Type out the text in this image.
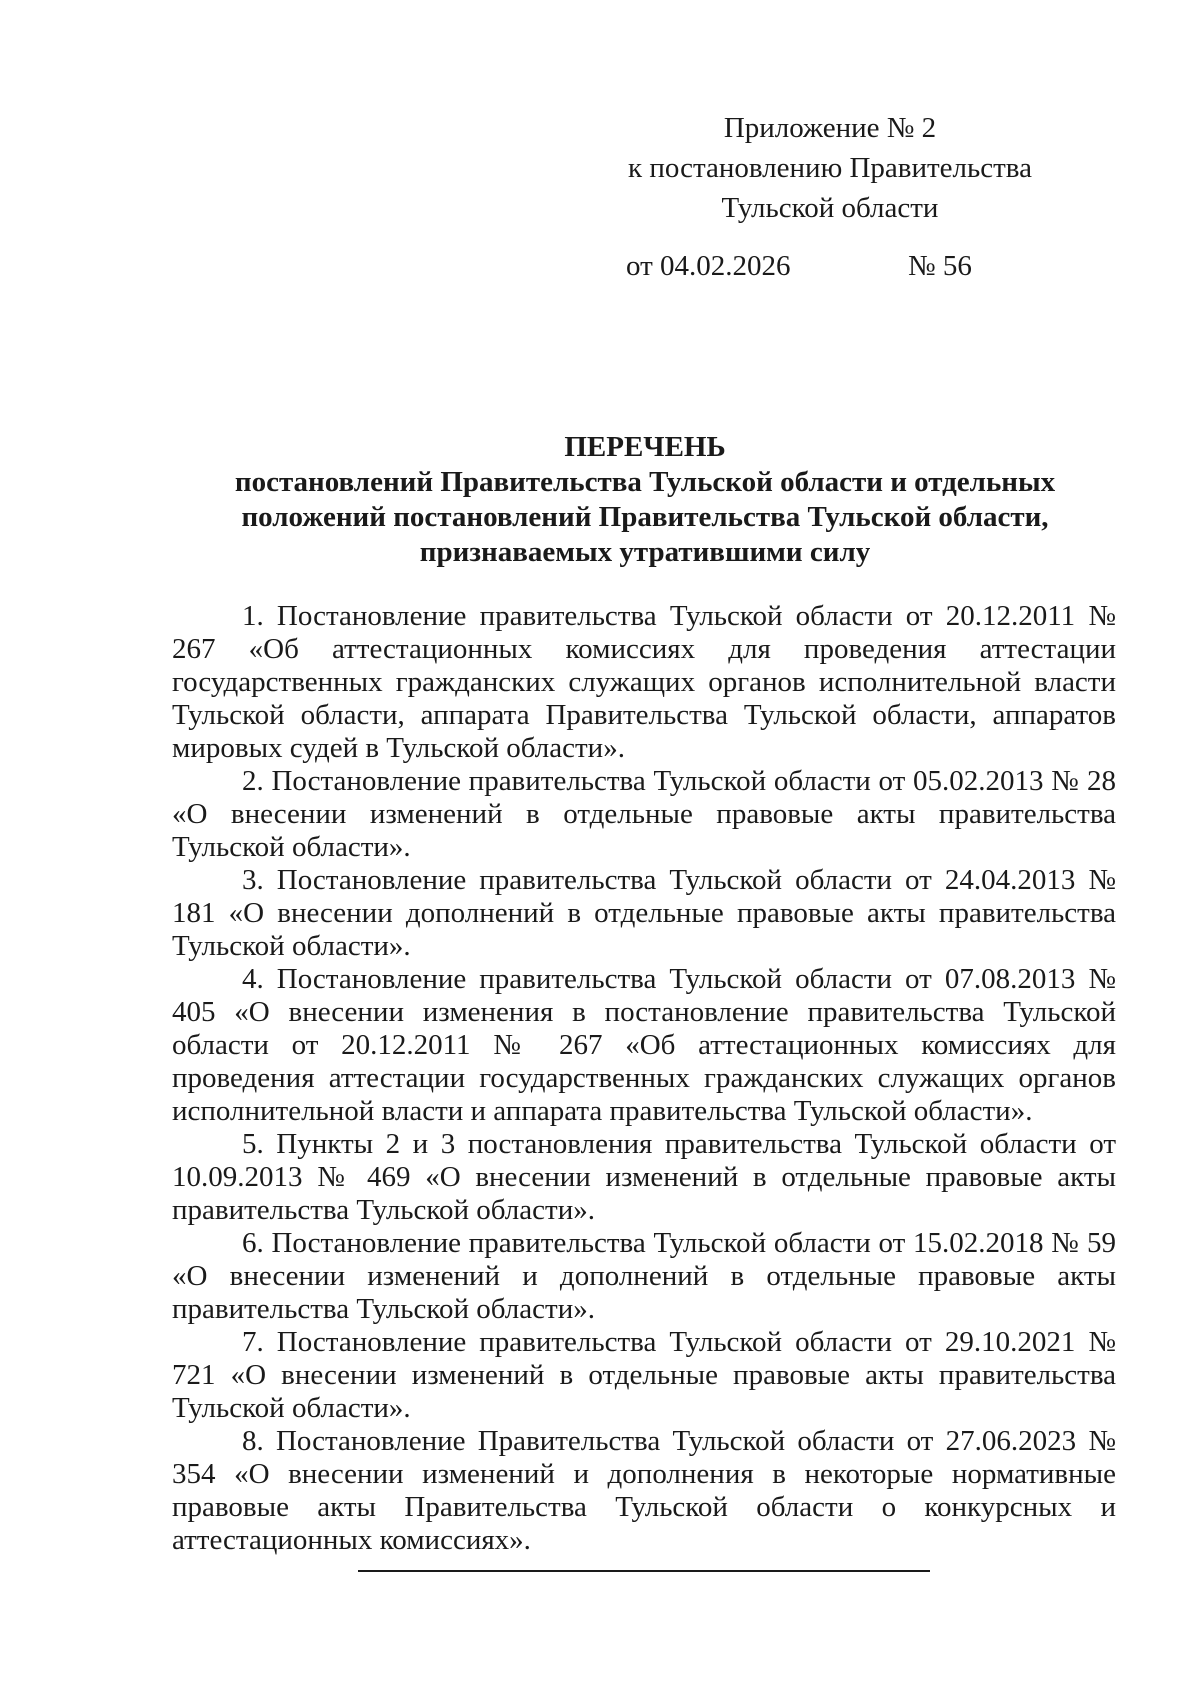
Приложение № 2
к постановлению Правительства
Тульской области
от 04.02.2026	№ 56
ПЕРЕЧЕНЬ
постановлений Правительства Тульской области и отдельных
положений постановлений Правительства Тульской области,
признаваемых утратившими силу

1. Постановление правительства Тульской области от 20.12.2011 № 267 «Об аттестационных комиссиях для проведения аттестации государственных гражданских служащих органов исполнительной власти Тульской области, аппарата Правительства Тульской области, аппаратов мировых судей в Тульской области».

2. Постановление правительства Тульской области от 05.02.2013 № 28 «О внесении изменений в отдельные правовые акты правительства Тульской области».

3. Постановление правительства Тульской области от 24.04.2013 № 181 «О внесении дополнений в отдельные правовые акты правительства Тульской области».

4. Постановление правительства Тульской области от 07.08.2013 № 405 «О внесении изменения в постановление правительства Тульской области от 20.12.2011 № 267 «Об аттестационных комиссиях для проведения аттестации государственных гражданских служащих органов исполнительной власти и аппарата правительства Тульской области».

5. Пункты 2 и 3 постановления правительства Тульской области от 10.09.2013 № 469 «О внесении изменений в отдельные правовые акты правительства Тульской области».

6. Постановление правительства Тульской области от 15.02.2018 № 59 «О внесении изменений и дополнений в отдельные правовые акты правительства Тульской области».

7. Постановление правительства Тульской области от 29.10.2021 № 721 «О внесении изменений в отдельные правовые акты правительства Тульской области».

8. Постановление Правительства Тульской области от 27.06.2023 № 354 «О внесении изменений и дополнения в некоторые нормативные правовые акты Правительства Тульской области о конкурсных и аттестационных комиссиях».
